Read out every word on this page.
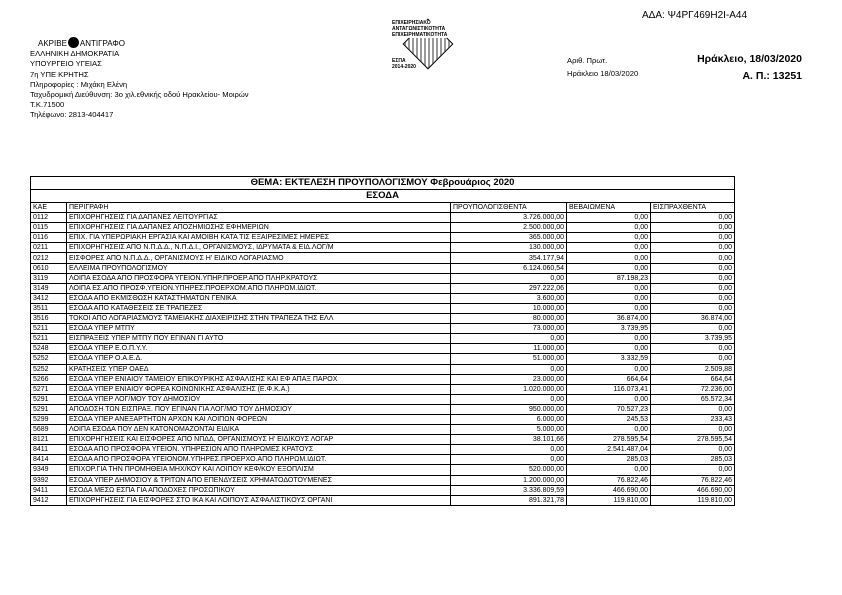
ΑΔΑ: Ψ4ΡΓ469Η2Ι-Α44
ΑΚΡΙΒΕ ΑΝΤΙΓΡΑΦΟ
ΕΛΛΗΝΙΚΗ ΔΗΜΟΚΡΑΤΙΑ
ΥΠΟΥΡΓΕΙΟ ΥΓΕΙΑΣ
7η ΥΠΕ ΚΡΗΤΗΣ
Πληροφορίες : Μιχάκη Ελένη
Ταχυδρομική Διεύθυνση: 3ο χιλ.εθνικής οδού Ηρακλείου- Μοιρών
Τ.Κ.71500
Τηλέφωνο: 2813-404417
ΕΠΙΧΕΙΡΗΣΙΑΚΟ
ΑΝΤΑΓΩΝΙΣΤΙΚΟΤΗΤΑ
ΕΠΙΧΕΙΡΗΜΑΤΙΚΟΤΗΤΑ
ΕΣΠΑ
2014-2020
Αριθ. Πρωτ.
Ηράκλειο 18/03/2020
Ηράκλειο, 18/03/2020
Α. Π.: 13251
ΘΕΜΑ: ΕΚΤΕΛΕΣΗ ΠΡΟΥΠΟΛΟΓΙΣΜΟΥ Φεβρουάριος 2020				
ΕΣΟΔΑ				
ΚΑΕ	ΠΕΡΙΓΡΑΦΗ	ΠΡΟΥΠΟΛΟΓΙΣΘΕΝΤΑ	ΒΕΒΑΙΩΜΕΝΑ	ΕΙΣΠΡΑΧΘΕΝΤΑ
0112	ΕΠΙΧΟΡΗΓΗΣΕΙΣ ΓΙΑ ΔΑΠΑΝΕΣ ΛΕΙΤΟΥΡΓΙΑΣ	3.726.000,00	0,00	0,00
0115	ΕΠΙΧΟΡΗΓΗΣΕΙΣ ΓΙΑ ΔΑΠΑΝΕΣ ΑΠΟΖΗΜΙΩΣΗΣ ΕΦΗΜΕΡΙΩΝ	2.500.000,00	0,00	0,00
0116	ΕΠΙΧ. ΓΙΑ ΥΠΕΡΩΡΙΑΚΗ ΕΡΓΑΣΙΑ ΚΑΙ ΑΜΟΙΒΗ ΚΑΤΑ ΤΙΣ ΕΞΑΙΡΕΣΙΜΕΣ ΗΜΕΡΕΣ	365.000,00	0,00	0,00
0211	ΕΠΙΧΟΡΗΓΗΣΕΙΣ ΑΠΟ Ν.Π.Δ.Δ., Ν.Π.Δ.Ι., ΟΡΓΑΝΙΣΜΟΥΣ, ΙΔΡΥΜΑΤΑ & ΕΙΔ.ΛΟΓ/Μ	130.000,00	0,00	0,00
0212	ΕΙΣΦΟΡΕΣ ΑΠΟ Ν.Π.Δ.Δ., ΟΡΓΑΝΙΣΜΟΥΣ Η' ΕΙΔΙΚΟ ΛΟΓΑΡΙΑΣΜΟ	354.177,94	0,00	0,00
0610	ΕΛΛΕΙΜΑ ΠΡΟΥΠΟΛΟΓΙΣΜΟΥ	6.124.060,54	0,00	0,00
3119	ΛΟΙΠΑ ΕΣΟΔΑ ΑΠΟ ΠΡΟΣΦΟΡΑ ΥΓΕΙΟΝ.ΥΠΗΡ.ΠΡΟΕΡ.ΑΠΟ ΠΛΗΡ.ΚΡΑΤΟΥΣ	0,00	87.198,23	0,00
3149	ΛΟΙΠΑ ΕΣ.ΑΠΟ ΠΡΟΣΦ.ΥΓΕΙΟΝ.ΥΠΗΡΕΣ.ΠΡΟΕΡΧΟΜ.ΑΠΟ ΠΛΗΡΩΜ.ΙΔΙΩΤ.	297.222,06	0,00	0,00
3412	ΕΣΟΔΑ ΑΠΟ ΕΚΜΙΣΘΩΣΗ ΚΑΤΑΣΤΗΜΑΤΩΝ ΓΕΝΙΚΑ	3.600,00	0,00	0,00
3511	ΕΣΟΔΑ ΑΠΟ ΚΑΤΑΘΕΣΕΙΣ ΣΕ ΤΡΑΠΕΖΕΣ	10.000,00	0,00	0,00
3516	ΤΟΚΟΙ ΑΠΟ ΛΟΓΑΡΙΑΣΜΟΥΣ ΤΑΜΕΙΑΚΗΣ ΔΙΑΧΕΙΡΙΣΗΣ ΣΤΗΝ ΤΡΑΠΕΖΑ ΤΗΣ ΕΛΛ	80.000,00	36.874,00	36.874,00
5211	ΕΣΟΔΑ ΥΠΕΡ ΜΤΠΥ	73.000,00	3.739,95	0,00
5211	ΕΙΣΠΡΑΞΕΙΣ ΥΠΕΡ ΜΤΠΥ ΠΟΥ ΕΓΙΝΑΝ ΓΙ ΑΥΤΟ	0,00	0,00	3.739,95
5248	ΕΣΟΔΑ ΥΠΕΡ Ε.Ο.Π.Υ.Υ.	11.000,00	0,00	0,00
5252	ΕΣΟΔΑ ΥΠΕΡ Ο.Α.Ε.Δ.	51.000,00	3.332,59	0,00
5252	ΚΡΑΤΗΣΕΙΣ ΥΠΕΡ ΟΑΕΔ	0,00	0,00	2.509,88
5266	ΕΣΟΔΑ ΥΠΕΡ ΕΝΙΑΙΟΥ ΤΑΜΕΙΟΥ ΕΠΙΚΟΥΡΙΚΗΣ ΑΣΦΑΛΙΣΗΣ ΚΑΙ ΕΦ ΑΠΑΞ ΠΑΡΟΧ	23.000,00	664,64	664,64
5271	ΕΣΟΔΑ ΥΠΕΡ ΕΝΙΑΙΟΥ ΦΟΡΕΑ ΚΟΙΝΩΝΙΚΗΣ ΑΣΦΑΛΙΣΗΣ (Ε.Φ.Κ.Α.)	1.020.000,00	116.073,41	72.236,00
5291	ΕΣΟΔΑ ΥΠΕΡ ΛΟΓ/ΜΟΥ ΤΟΥ ΔΗΜΟΣΙΟΥ	0,00	0,00	65.572,34
5291	ΑΠΟΔΟΣΗ ΤΩΝ ΕΙΣΠΡΑΞ. ΠΟΥ ΕΓΙΝΑΝ ΓΙΑ ΛΟΓ/ΜΟ ΤΟΥ ΔΗΜΟΣΙΟΥ	950.000,00	70.527,23	0,00
5299	ΕΣΟΔΑ ΥΠΕΡ ΑΝΕΞΑΡΤΗΤΩΝ ΑΡΧΩΝ ΚΑΙ ΛΟΙΠΩΝ ΦΟΡΕΩΝ	6.000,00	245,53	233,43
5689	ΛΟΙΠΑ ΕΣΟΔΑ ΠΟΥ ΔΕΝ ΚΑΤΟΝΟΜΑΖΟΝΤΑΙ ΕΙΔΙΚΑ	5.000,00	0,00	0,00
8121	ΕΠΙΧΟΡΗΓΗΣΕΙΣ ΚΑΙ ΕΙΣΦΟΡΕΣ ΑΠΟ ΝΠΔΔ, ΟΡΓΑΝΙΣΜΟΥΣ Η' ΕΙΔΙΚΟΥΣ ΛΟΓΑΡ	38.101,66	278.595,54	278.595,54
8411	ΕΣΟΔΑ ΑΠΟ ΠΡΟΣΦΟΡΑ ΥΓΕΙΟΝ. ΥΠΗΡΕΣΙΩΝ ΑΠΟ ΠΛΗΡΩΜΕΣ ΚΡΑΤΟΥΣ	0,00	2.541.487,04	0,00
8414	ΕΣΟΔΑ ΑΠΟ ΠΡΟΣΦΟΡΑ ΥΓΕΙΟΝΟΜ.ΥΠΗΡΕΣ.ΠΡΟΕΡΧΟ.ΑΠΟ ΠΛΗΡΩΜ.ΙΔΙΩΤ.	0,00	285,03	285,03
9349	ΕΠΙΧΟΡ.ΓΙΑ ΤΗΝ ΠΡΟΜΗΘΕΙΑ ΜΗΧ/ΚΟΥ ΚΑΙ ΛΟΙΠΟΥ ΚΕΦ/ΚΟΥ ΕΞΟΠΛΙΣΜ	520.000,00	0,00	0,00
9392	ΕΣΟΔΑ ΥΠΕΡ ΔΗΜΟΣΙΟΥ & ΤΡΙΤΩΝ ΑΠΟ ΕΠΕΝΔΥΣΕΙΣ ΧΡΗΜΑΤΟΔΟΤΟΥΜΕΝΕΣ	1.200.000,00	76.822,46	76.822,46
9411	ΕΣΟΔΑ ΜΕΣΩ ΕΣΠΑ ΓΙΑ ΑΠΟΔΟΧΕΣ ΠΡΟΣΩΠΙΚΟΥ	3.336.809,59	466.690,00	466.690,00
9412	ΕΠΙΧΟΡΗΓΗΣΕΙΣ ΓΙΑ ΕΙΣΦΟΡΕΣ ΣΤΟ ΙΚΑ ΚΑΙ ΛΟΙΠΟΥΣ ΑΣΦΑΛΙΣΤΙΚΟΥΣ ΟΡΓΑΝΙ	891.321,78	119.810,00	119.810,00
